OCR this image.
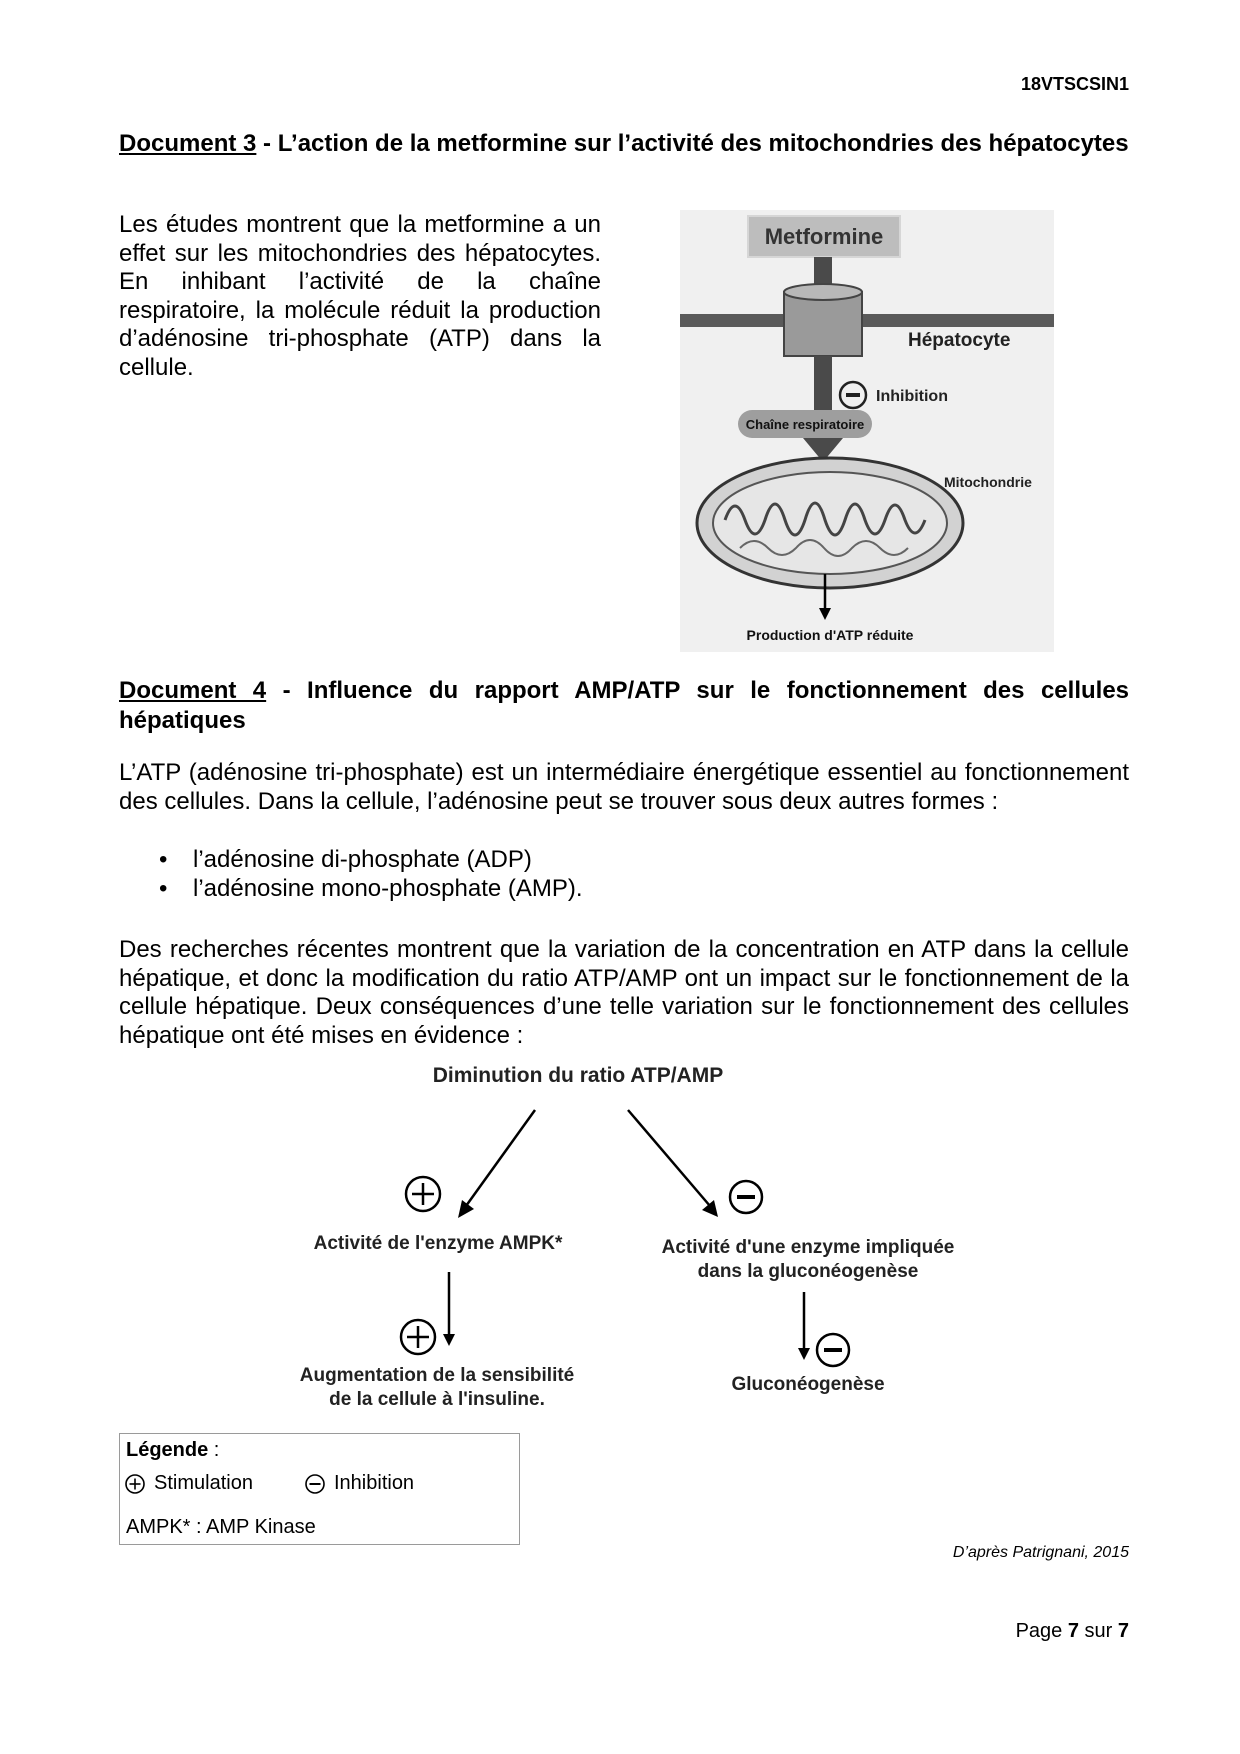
18VTSCSIN1
Document 3 - L’action de la metformine sur l’activité des mitochondries des hépatocytes

Les études montrent que la metformine a un effet sur les mitochondries des hépatocytes. En inhibant l’activité de la chaîne respiratoire, la molécule réduit la production d’adénosine tri-phosphate (ATP) dans la cellule.

Metformine
Hépatocyte
Inhibition
Chaîne respiratoire
Mitochondrie
Production d'ATP réduite
Document 4 - Influence du rapport AMP/ATP sur le fonctionnement des cellules hépatiques

L’ATP (adénosine tri-phosphate) est un intermédiaire énergétique essentiel au fonctionnement des cellules. Dans la cellule, l’adénosine peut se trouver sous deux autres formes :

• l’adénosine di-phosphate (ADP)
• l’adénosine mono-phosphate (AMP).

Des recherches récentes montrent que la variation de la concentration en ATP dans la cellule hépatique, et donc la modification du ratio ATP/AMP ont un impact sur le fonctionnement de la cellule hépatique. Deux conséquences d’une telle variation sur le fonctionnement des cellules hépatique ont été mises en évidence :

Diminution du ratio ATP/AMP
Activité de l'enzyme AMPK*	Activité d'une enzyme impliquée
dans la gluconéogenèse
Augmentation de la sensibilité
de la cellule à l'insuline.
Gluconéogenèse
Légende :
Stimulation	Inhibition
AMPK* : AMP Kinase
D’après Patrignani, 2015
Page 7 sur 7
